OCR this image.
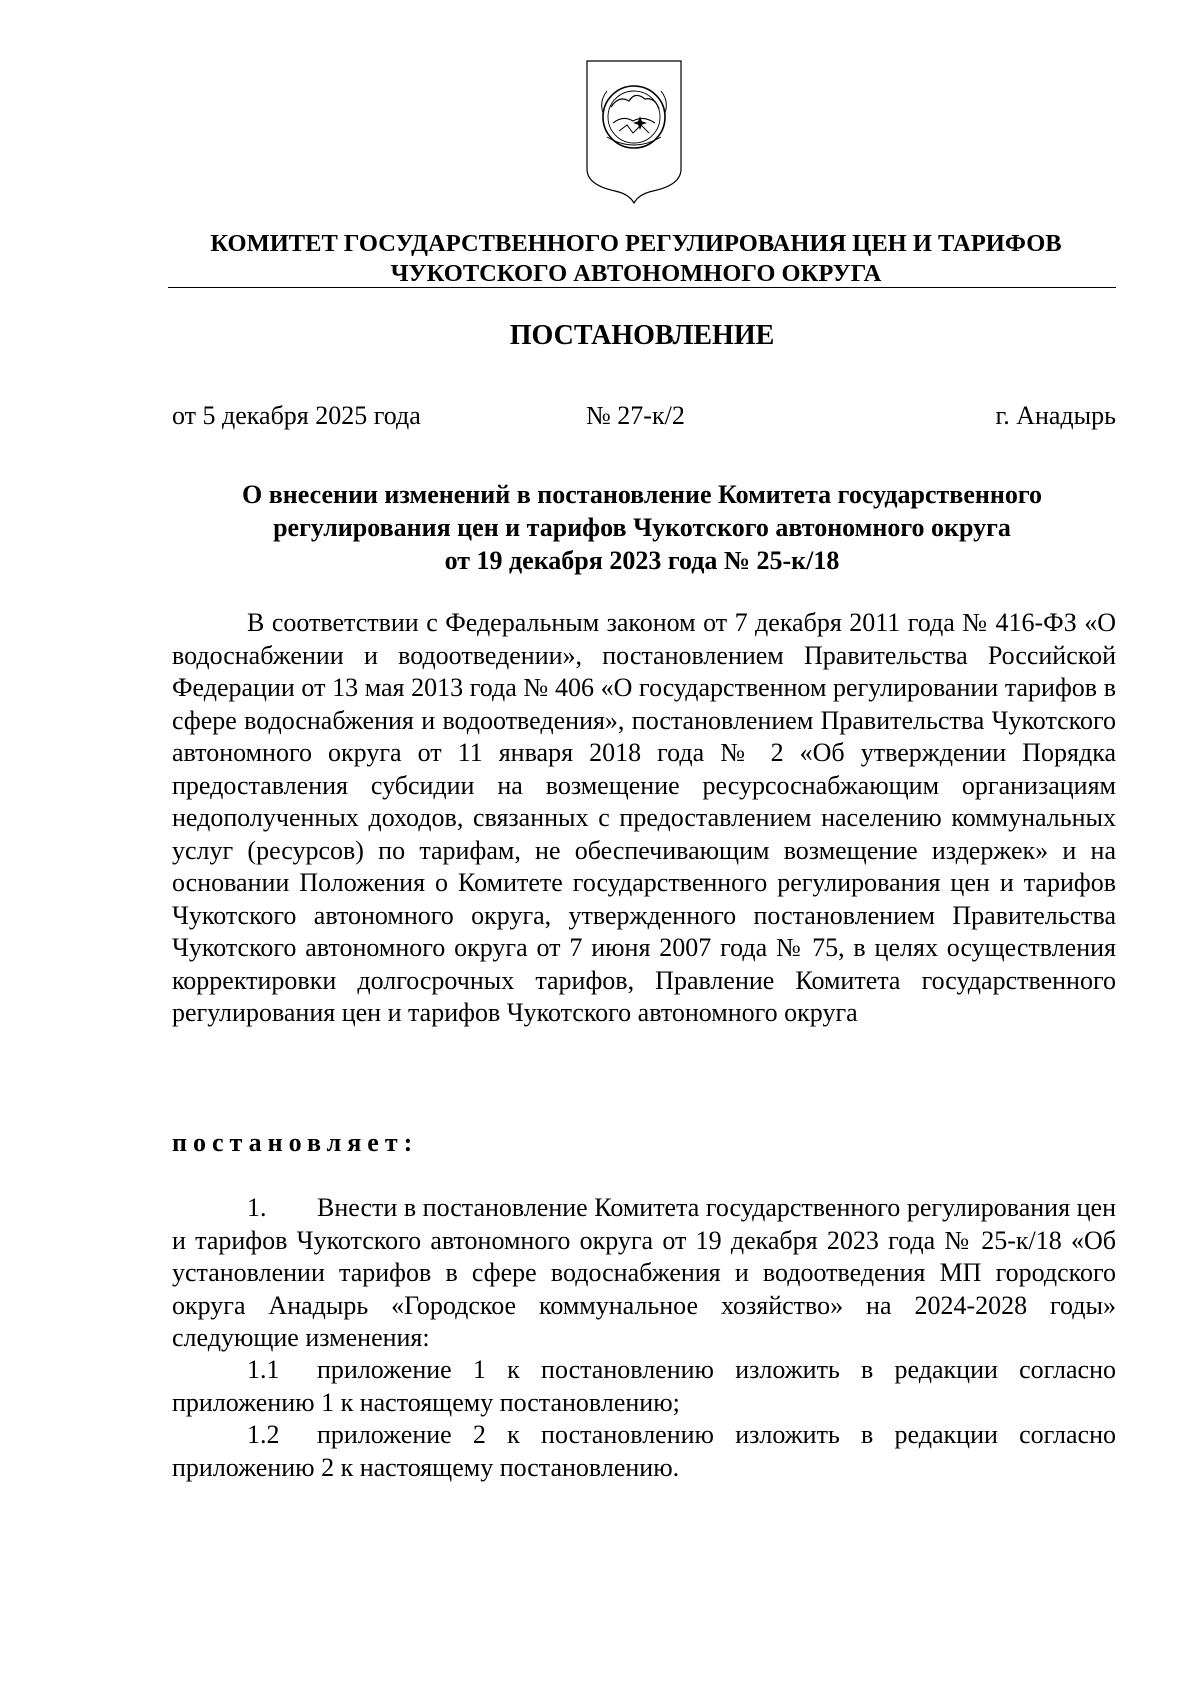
КОМИТЕТ ГОСУДАРСТВЕННОГО РЕГУЛИРОВАНИЯ ЦЕН И ТАРИФОВ
ЧУКОТСКОГО АВТОНОМНОГО ОКРУГА
ПОСТАНОВЛЕНИЕ
от 5 декабря 2025 года	№ 27-к/2	г. Анадырь
О внесении изменений в постановление Комитета государственного
регулирования цен и тарифов Чукотского автономного округа
от 19 декабря 2023 года № 25-к/18
В соответствии с Федеральным законом от 7 декабря 2011 года № 416-ФЗ «О водоснабжении и водоотведении», постановлением Правительства Российской Федерации от 13 мая 2013 года № 406 «О государственном регулировании тарифов в сфере водоснабжения и водоотведения», постановлением Правительства Чукотского автономного округа от 11 января 2018 года № 2 «Об утверждении Порядка предоставления субсидии на возмещение ресурсоснабжающим организациям недополученных доходов, связанных с предоставлением населению коммунальных услуг (ресурсов) по тарифам, не обеспечивающим возмещение издержек» и на основании Положения о Комитете государственного регулирования цен и тарифов Чукотского автономного округа, утвержденного постановлением Правительства Чукотского автономного округа от 7 июня 2007 года № 75, в целях осуществления корректировки долгосрочных тарифов, Правление Комитета государственного регулирования цен и тарифов Чукотского автономного округа
постановляет:
1. Внести в постановление Комитета государственного регулирования цен и тарифов Чукотского автономного округа от 19 декабря 2023 года № 25-к/18 «Об установлении тарифов в сфере водоснабжения и водоотведения МП городского округа Анадырь «Городское коммунальное хозяйство» на 2024-2028 годы» следующие изменения:
1.1 приложение 1 к постановлению изложить в редакции согласно приложению 1 к настоящему постановлению;
1.2 приложение 2 к постановлению изложить в редакции согласно приложению 2 к настоящему постановлению.
